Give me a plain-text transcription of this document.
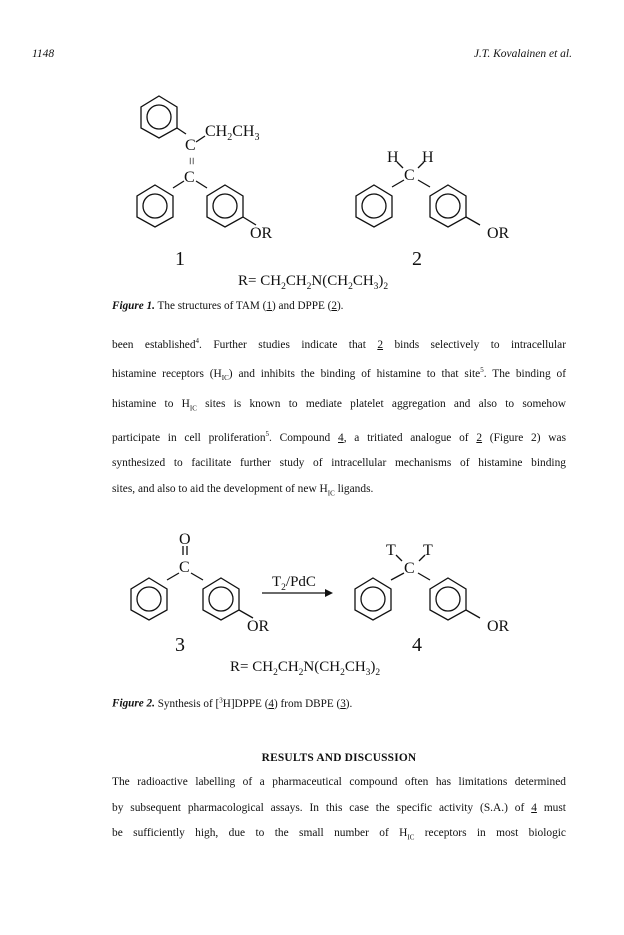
1148	J.T. Kovalainen et al.
C
=
C
$CH_2CH_3$
OR
1
H H
C
OR
2
$R= CH_2CH_2N(CH_2CH_3)_2$
Figure 1. The structures of TAM (1) and DPPE (2).
been established$^4$. Further studies indicate that 2 binds selectively to intracellular
histamine receptors $(H_{IC})$ and inhibits the binding of histamine to that site$^5$. The binding of
histamine to $H_{IC}$ sites is known to mediate platelet aggregation and also to somehow
participate in cell proliferation$^5$. Compound 4, a tritiated analogue of 2 (Figure 2) was
synthesized to facilitate further study of intracellular mechanisms of histamine binding
sites, and also to aid the development of new $H_{IC}$ ligands.
O
C
OR
3
$T_2$/PdC
T T
C
OR
4
$R= CH_2CH_2N(CH_2CH_3)_2$
Figure 2. Synthesis of [$^3$H]DPPE (4) from DBPE (3).
RESULTS AND DISCUSSION
The radioactive labelling of a pharmaceutical compound often has limitations determined
by subsequent pharmacological assays. In this case the specific activity (S.A.) of 4 must
be sufficiently high, due to the small number of $H_{IC}$ receptors in most biologic
